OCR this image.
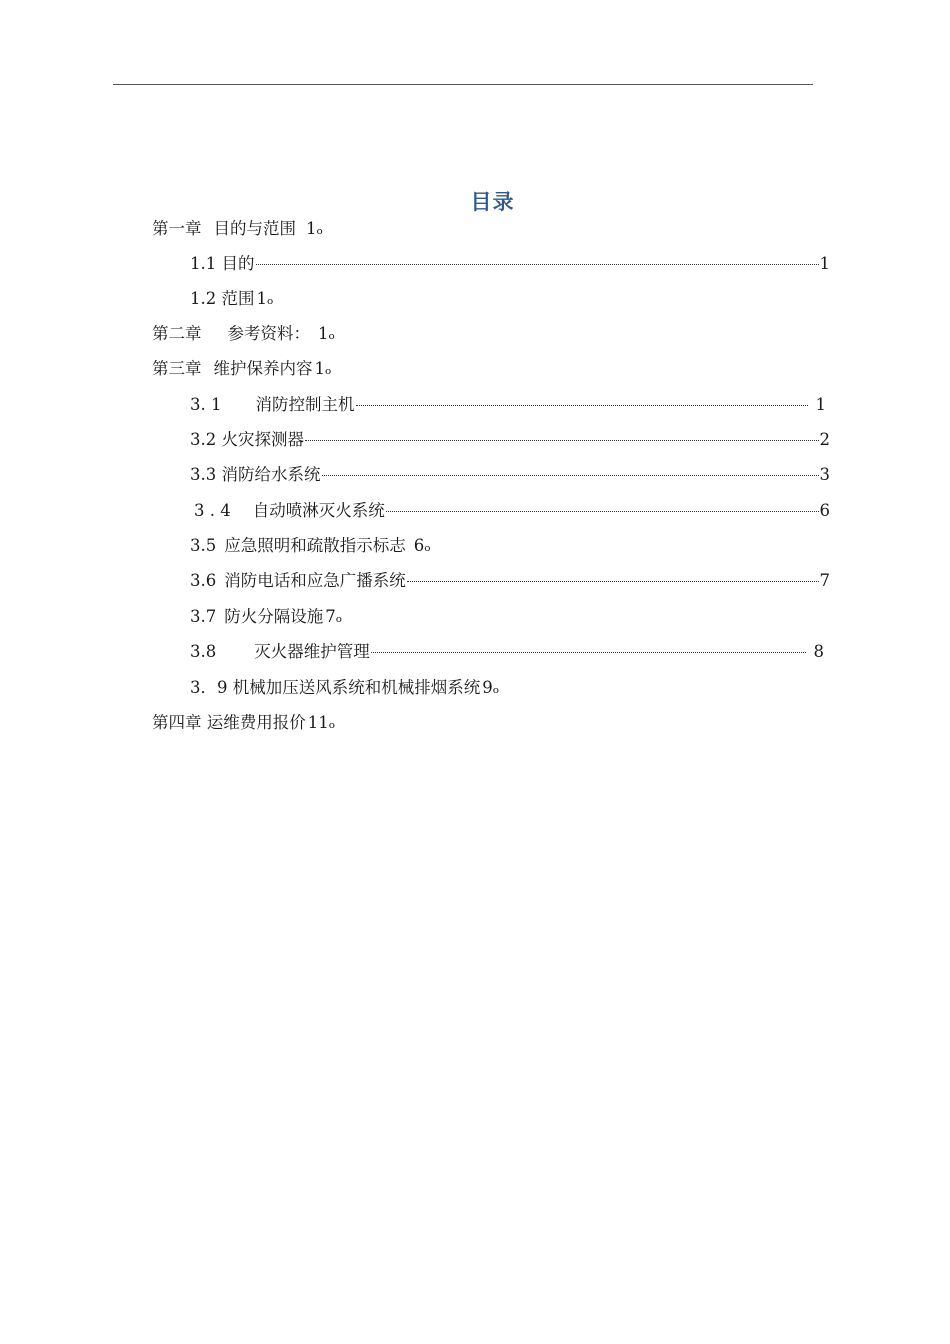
目录
第一章 目的与范围 1ₒ
1.1 目的	1
1.2 范围 1ₒ
第二章 参考资料： 1ₒ
第三章 维护保养内容 1ₒ
3. 1 消防控制主机	1
3.2 火灾探测器	2
3.3 消防给水系统	3
3 . 4 自动喷淋灭火系统	6
3.5 应急照明和疏散指示标志 6ₒ
3.6 消防电话和应急广播系统	7
3.7 防火分隔设施 7ₒ
3.8 灭火器维护管理	8
3．9 机械加压送风系统和机械排烟系统 9ₒ
第四章 运维费用报价 11ₒ
